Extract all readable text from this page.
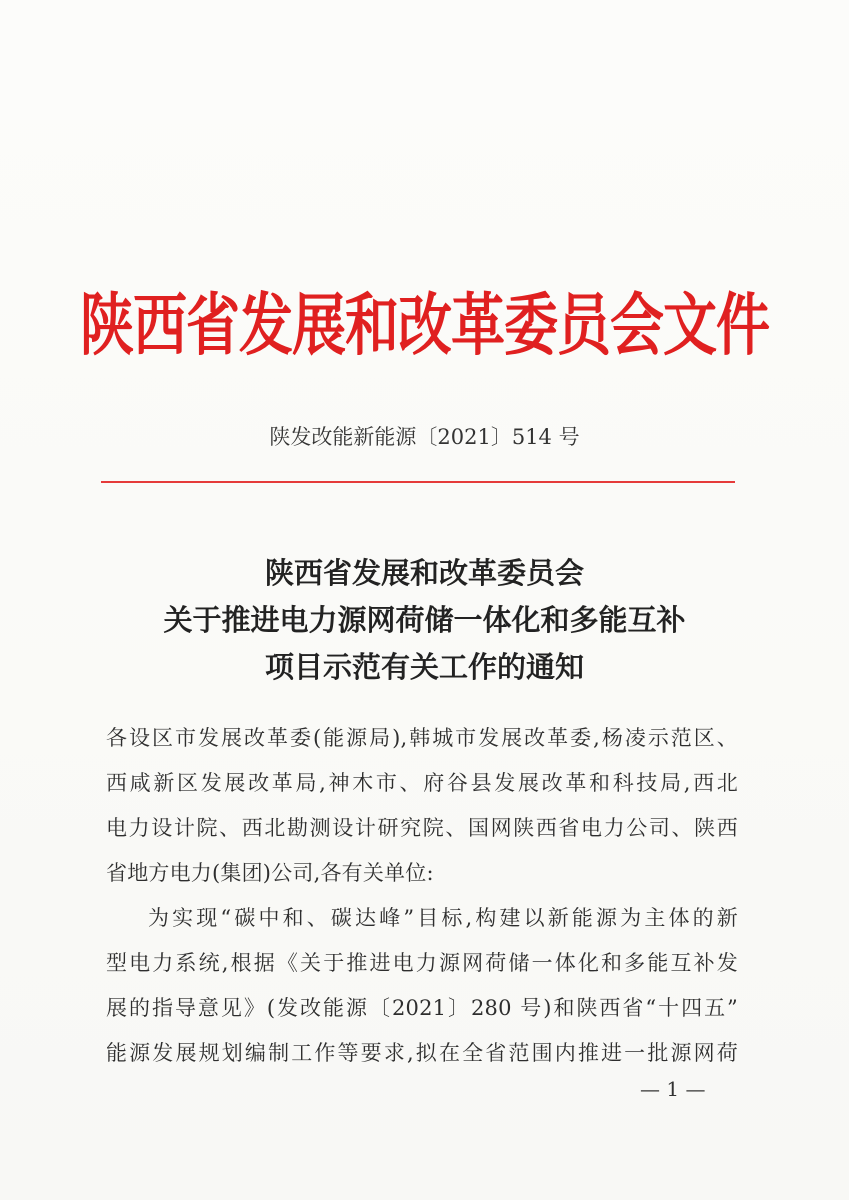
陕西省发展和改革委员会文件
陕发改能新能源〔2021〕514 号
陕西省发展和改革委员会
关于推进电力源网荷储一体化和多能互补
项目示范有关工作的通知
各设区市发展改革委(能源局),韩城市发展改革委,杨凌示范区、
西咸新区发展改革局,神木市、府谷县发展改革和科技局,西北
电力设计院、西北勘测设计研究院、国网陕西省电力公司、陕西
省地方电力(集团)公司,各有关单位:
为实现“碳中和、碳达峰”目标,构建以新能源为主体的新
型电力系统,根据《关于推进电力源网荷储一体化和多能互补发
展的指导意见》(发改能源〔2021〕280 号)和陕西省“十四五”
能源发展规划编制工作等要求,拟在全省范围内推进一批源网荷
— 1 —
